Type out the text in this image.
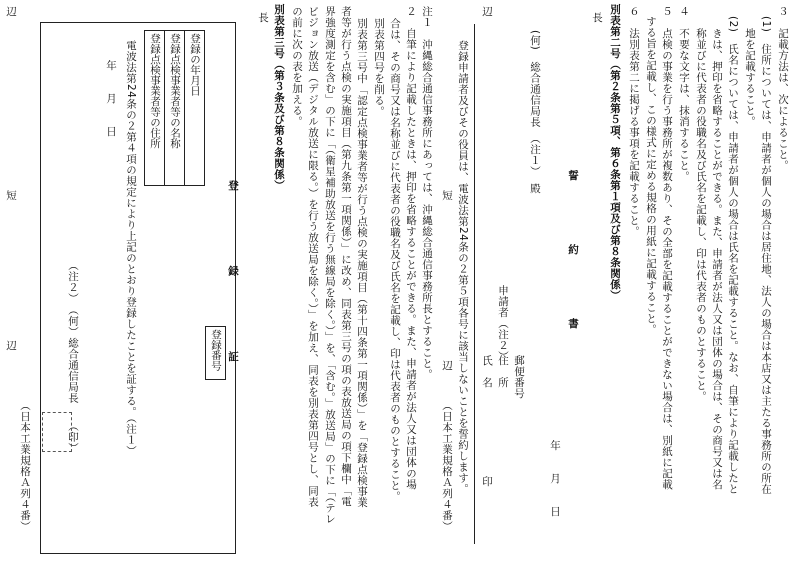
３　記載方法は、次によること。
(1)　住所については、申請者が個人の場合は居住地、法人の場合は本店又は主たる事務所の所在
地を記載すること。
(2)　氏名については、申請者が個人の場合は氏名を記載すること。なお、自筆により記載したと
きは、押印を省略することができる。また、申請者が法人又は団体の場合は、その商号又は名
称並びに代表者の役職名及び氏名を記載し、印は代表者のものとすること。
４　不要な文字は、抹消すること。
５　点検の事業を行う事務所が複数あり、その全部を記載することができない場合は、別紙に記載
する旨を記載し、この様式に定める規格の用紙に記載すること。
６　法別表第二に掲げる事項を記載すること。
別表第二号（第２条第５項、第６条第１項及び第８条関係）
長
辺
誓　　　約　　　書
年　　月　　日
(何)　総合通信局長　（注１）　殿
郵便番号
申請者（注２）
住　所
氏　名　　　　　　　　印
登録申請者及びその役員は、電波法第24条の２第５項各号に該当しないことを誓約します。
短
辺
（日本工業規格Ａ列４番）
注１　沖縄総合通信事務所にあっては、沖縄総合通信事務所長とすること。
２　自筆により記載したときは、押印を省略することができる。また、申請者が法人又は団体の場
合は、その商号又は名称並びに代表者の役職名及び氏名を記載し、印は代表者のものとすること。
別表第四号を削る。
別表第三号中「認定点検事業者等が行う点検の実施項目（第十四条第一項関係）」を「登録点検事業
者等が行う点検の実施項目（第九条第一項関係）」に改め、同表第三号の項の表放送局の項下欄中「電
界強度測定を含む」の下に「（衛星補助放送を行う無線局を除く。）」を、「含む。」放送局」の下に「（テレ
ビジョン放送（デジタル放送に限る。）を行う放送局を除く。）」を加え、同表を別表第四号とし、同表
の前に次の表を加える。
別表第三号（第３条及び第８条関係）
長
登　　録　　証
登録点検事業者等の住所	登録点検事業者等の名称	登録の年月日
登録番号
電波法第24条の２第４項の規定により上記のとおり登録したことを証する。（注１）
年　　月　　日
（注２）　（何）総合通信局長　　（印）
辺
短
辺
（日本工業規格Ａ列４番）
